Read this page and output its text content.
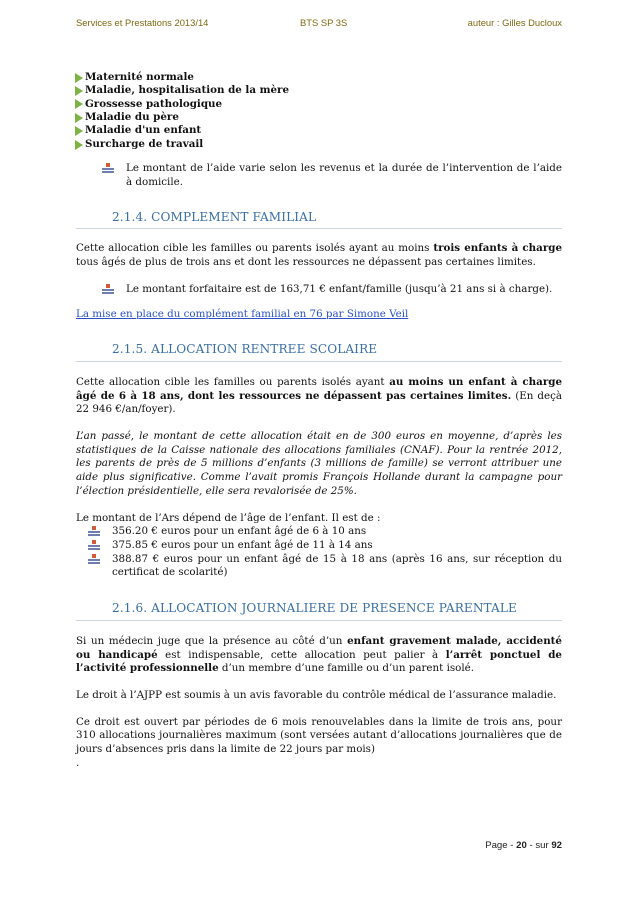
Services et Prestations 2013/14	BTS SP 3S	auteur : Gilles Ducloux
Maternité normale
Maladie, hospitalisation de la mère
Grossesse pathologique
Maladie du père
Maladie d'un enfant
Surcharge de travail

Le montant de l’aide varie selon les revenus et la durée de l’intervention de l’aide à domicile.

2.1.4. COMPLEMENT FAMILIAL

Cette allocation cible les familles ou parents isolés ayant au moins trois enfants à charge tous âgés de plus de trois ans et dont les ressources ne dépassent pas certaines limites.

Le montant forfaitaire est de 163,71 € enfant/famille (jusqu’à 21 ans si à charge).

La mise en place du complément familial en 76 par Simone Veil

2.1.5. ALLOCATION RENTREE SCOLAIRE

Cette allocation cible les familles ou parents isolés ayant au moins un enfant à charge âgé de 6 à 18 ans, dont les ressources ne dépassent pas certaines limites. (En deçà 22 946 €/an/foyer).

L’an passé, le montant de cette allocation était en de 300 euros en moyenne, d’après les statistiques de la Caisse nationale des allocations familiales (CNAF). Pour la rentrée 2012, les parents de près de 5 millions d’enfants (3 millions de famille) se verront attribuer une aide plus significative. Comme l’avait promis François Hollande durant la campagne pour l’élection présidentielle, elle sera revalorisée de 25%.

Le montant de l’Ars dépend de l’âge de l’enfant. Il est de :

356.20 € euros pour un enfant âgé de 6 à 10 ans

375.85 € euros pour un enfant âgé de 11 à 14 ans

388.87 € euros pour un enfant âgé de 15 à 18 ans (après 16 ans, sur réception du certificat de scolarité)

2.1.6. ALLOCATION JOURNALIERE DE PRESENCE PARENTALE

Si un médecin juge que la présence au côté d’un enfant gravement malade, accidenté ou handicapé est indispensable, cette allocation peut palier à l’arrêt ponctuel de l’activité professionnelle d’un membre d’une famille ou d’un parent isolé.

Le droit à l’AJPP est soumis à un avis favorable du contrôle médical de l’assurance maladie.

Ce droit est ouvert par périodes de 6 mois renouvelables dans la limite de trois ans, pour 310 allocations journalières maximum (sont versées autant d’allocations journalières que de jours d’absences pris dans la limite de 22 jours par mois)

.

Page - 20 - sur 92
